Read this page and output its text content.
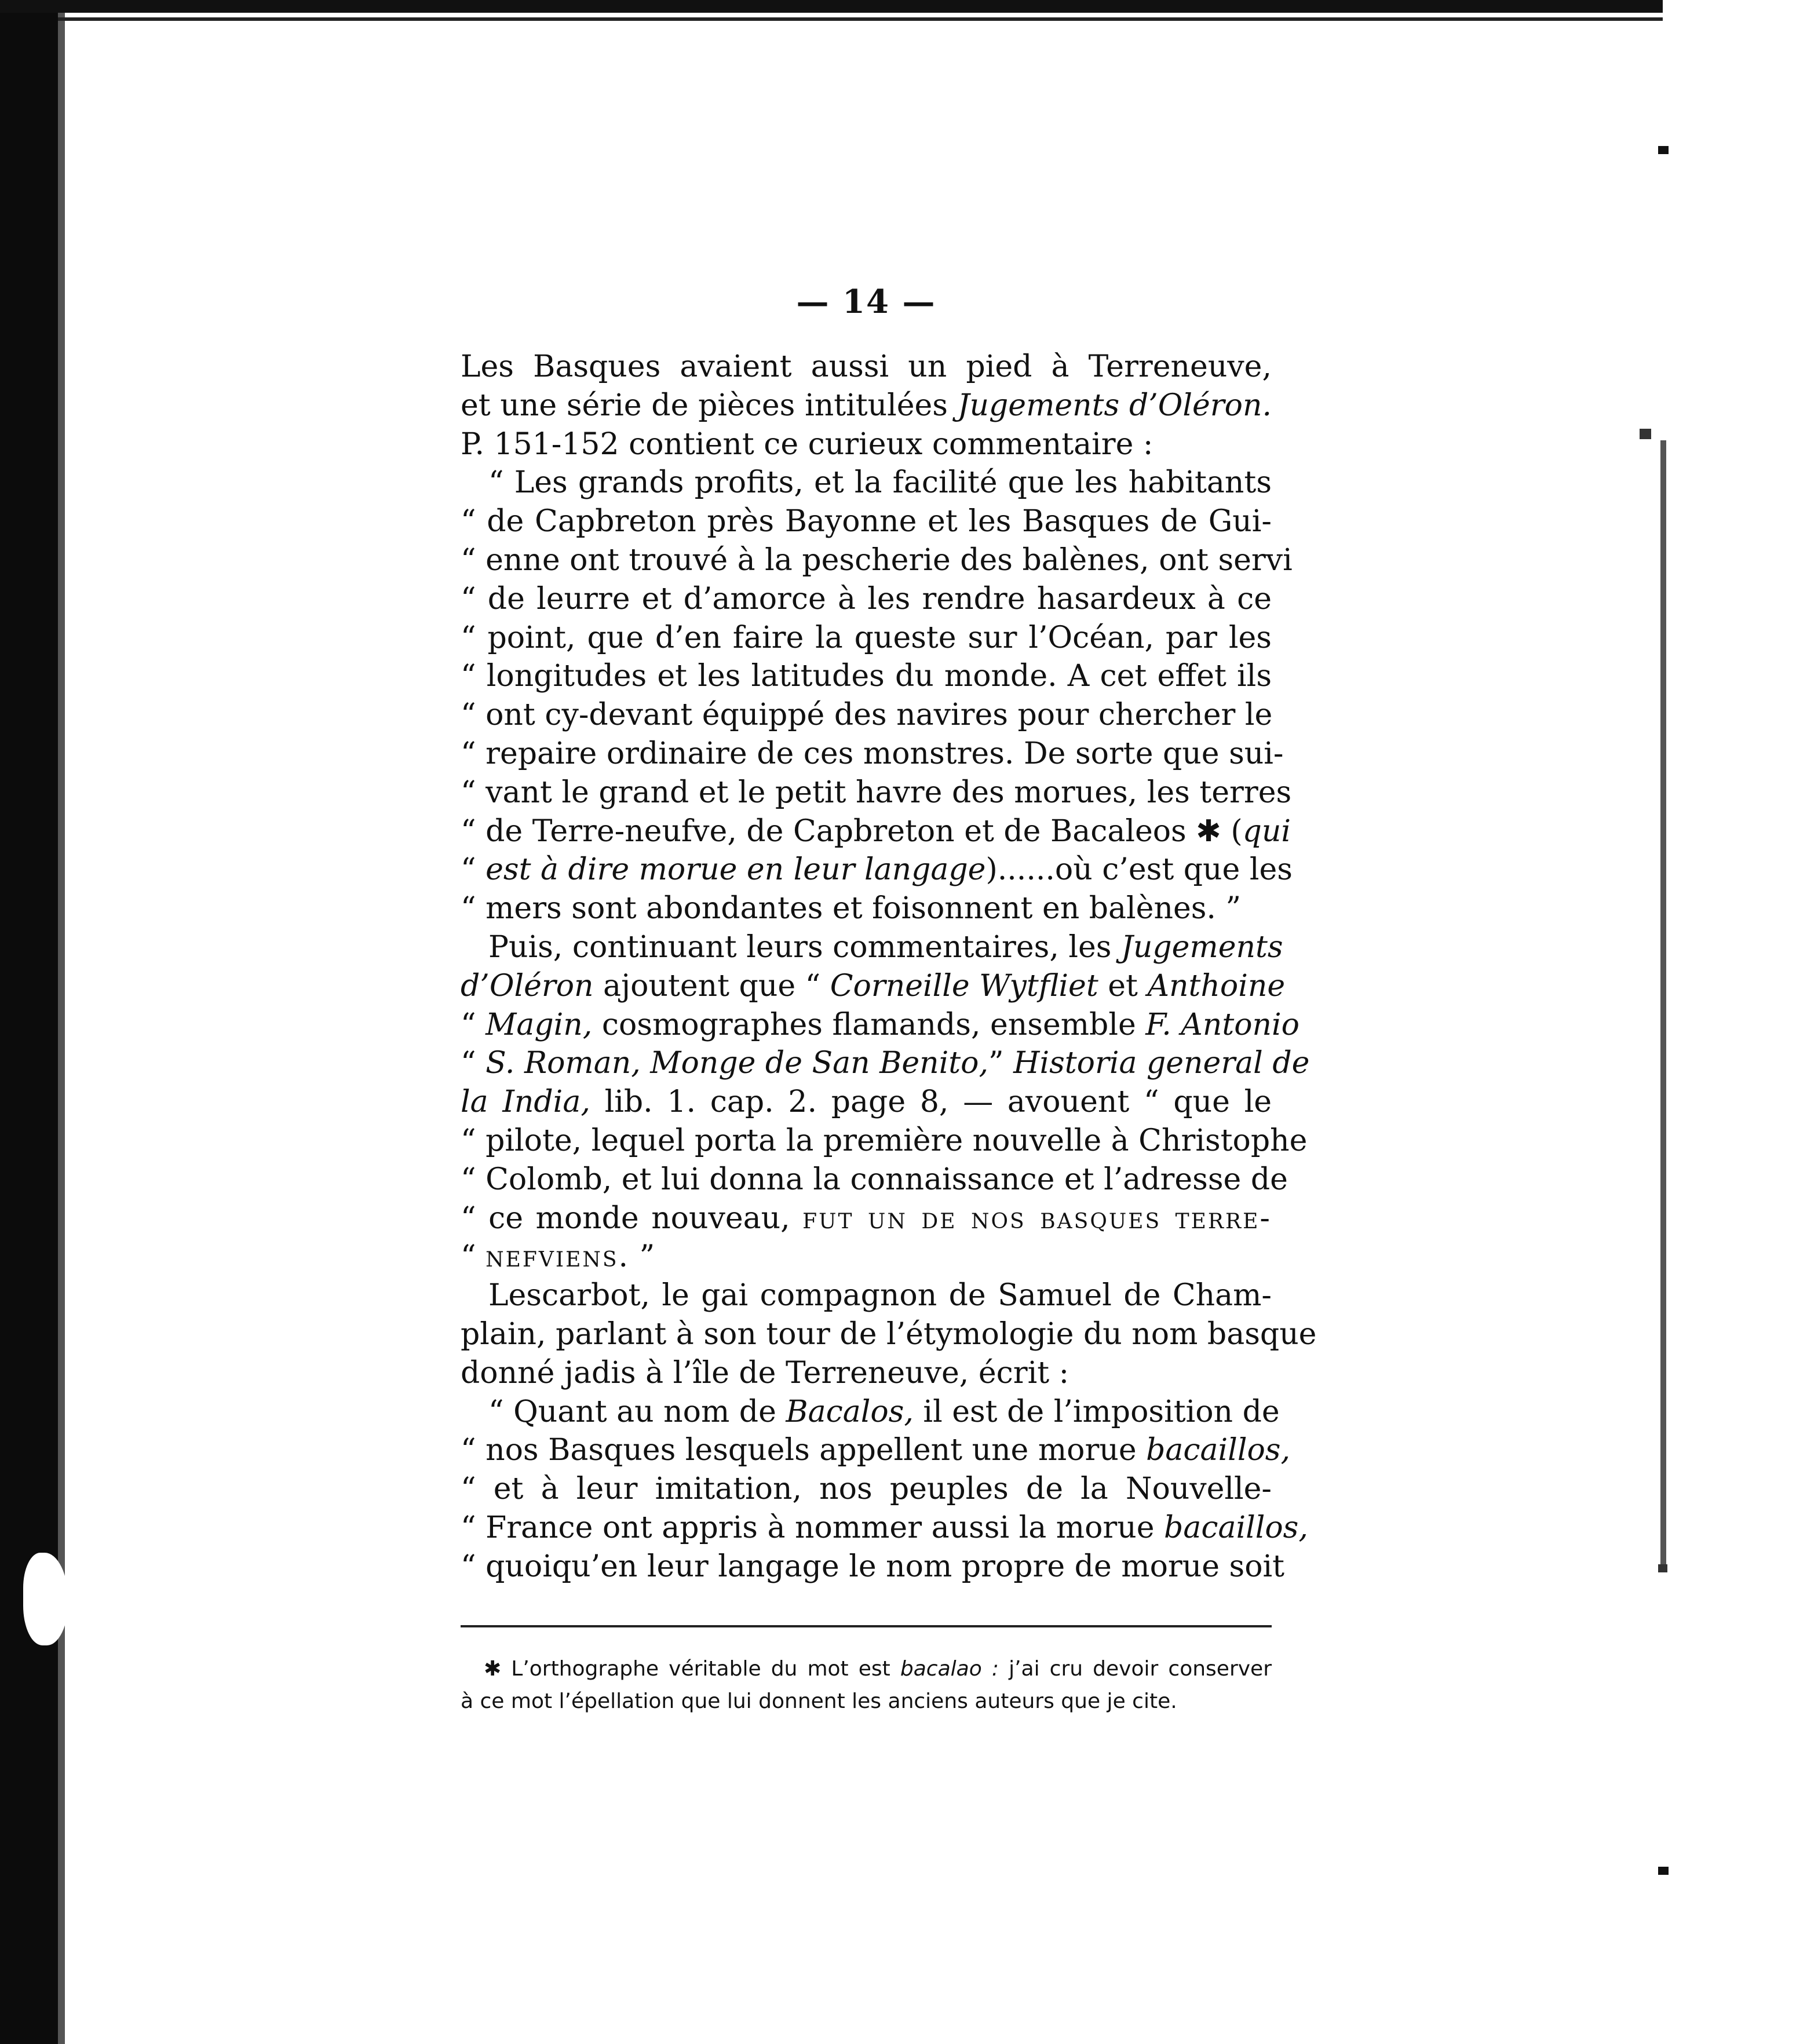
— 14 —
Les Basques avaient aussi un pied à Terreneuve,
et une série de pièces intitulées Jugements d’Oléron.
P. 151-152 contient ce curieux commentaire :
“ Les grands profits, et la facilité que les habitants
“ de Capbreton près Bayonne et les Basques de Gui-
“ enne ont trouvé à la pescherie des balènes, ont servi
“ de leurre et d’amorce à les rendre hasardeux à ce
“ point, que d’en faire la queste sur l’Océan, par les
“ longitudes et les latitudes du monde. A cet effet ils
“ ont cy-devant équippé des navires pour chercher le
“ repaire ordinaire de ces monstres. De sorte que sui-
“ vant le grand et le petit havre des morues, les terres
“ de Terre-neufve, de Capbreton et de Bacaleos ✱ (qui
“ est à dire morue en leur langage)......où c’est que les
“ mers sont abondantes et foisonnent en balènes. ”
Puis, continuant leurs commentaires, les Jugements
d’Oléron ajoutent que “ Corneille Wytfliet et Anthoine
“ Magin, cosmographes flamands, ensemble F. Antonio
“ S. Roman, Monge de San Benito,” Historia general de
la India, lib. 1. cap. 2. page 8, — avouent “ que le
“ pilote, lequel porta la première nouvelle à Christophe
“ Colomb, et lui donna la connaissance et l’adresse de
“ ce monde nouveau, fut un de nos basques terre-
“ nefviens. ”
Lescarbot, le gai compagnon de Samuel de Cham-
plain, parlant à son tour de l’étymologie du nom basque
donné jadis à l’île de Terreneuve, écrit :
“ Quant au nom de Bacalos, il est de l’imposition de
“ nos Basques lesquels appellent une morue bacaillos,
“ et à leur imitation, nos peuples de la Nouvelle-
“ France ont appris à nommer aussi la morue bacaillos,
“ quoiqu’en leur langage le nom propre de morue soit
✱ L’orthographe véritable du mot est bacalao : j’ai cru devoir conserver
à ce mot l’épellation que lui donnent les anciens auteurs que je cite.
